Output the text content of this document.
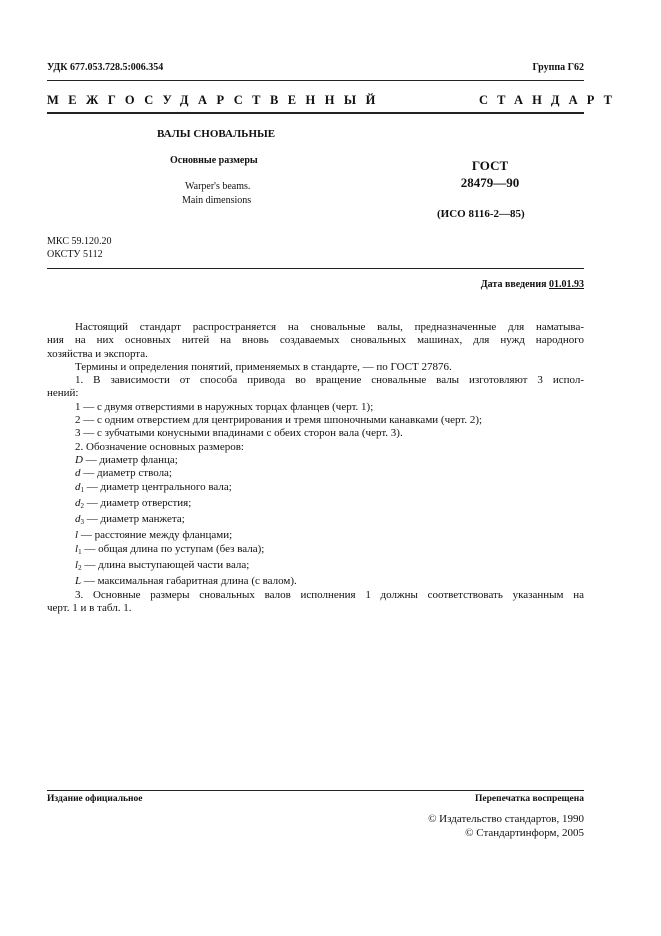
УДК 677.053.728.5:006.354	Группа Г62
МЕЖГОСУДАРСТВЕННЫЙ	СТАНДАРТ
ВАЛЫ СНОВАЛЬНЫЕ
Основные размеры
Warper's beams.
Main dimensions
ГОСТ
28479—90
(ИСО 8116-2—85)
МКС 59.120.20
ОКСТУ 5112
Дата введения 01.01.93

Настоящий стандарт распространяется на сновальные валы, предназначенные для наматыва-

ния на них основных нитей на вновь создаваемых сновальных машинах, для нужд народного

хозяйства и экспорта.

Термины и определения понятий, применяемых в стандарте, — по ГОСТ 27876.

1. В зависимости от способа привода во вращение сновальные валы изготовляют 3 испол-

нений:

1 — с двумя отверстиями в наружных торцах фланцев (черт. 1);

2 — с одним отверстием для центрирования и тремя шпоночными канавками (черт. 2);

3 — с зубчатыми конусными впадинами с обеих сторон вала (черт. 3).

2. Обозначение основных размеров:

D — диаметр фланца;

d — диаметр ствола;

$d_1$ — диаметр центрального вала;

$d_2$ — диаметр отверстия;

$d_3$ — диаметр манжета;

l — расстояние между фланцами;

$l_1$ — общая длина по уступам (без вала);

$l_2$ — длина выступающей части вала;

L — максимальная габаритная длина (с валом).

3. Основные размеры сновальных валов исполнения 1 должны соответствовать указанным на

черт. 1 и в табл. 1.

Издание официальное	Перепечатка воспрещена
© Издательство стандартов, 1990
© Стандартинформ, 2005
